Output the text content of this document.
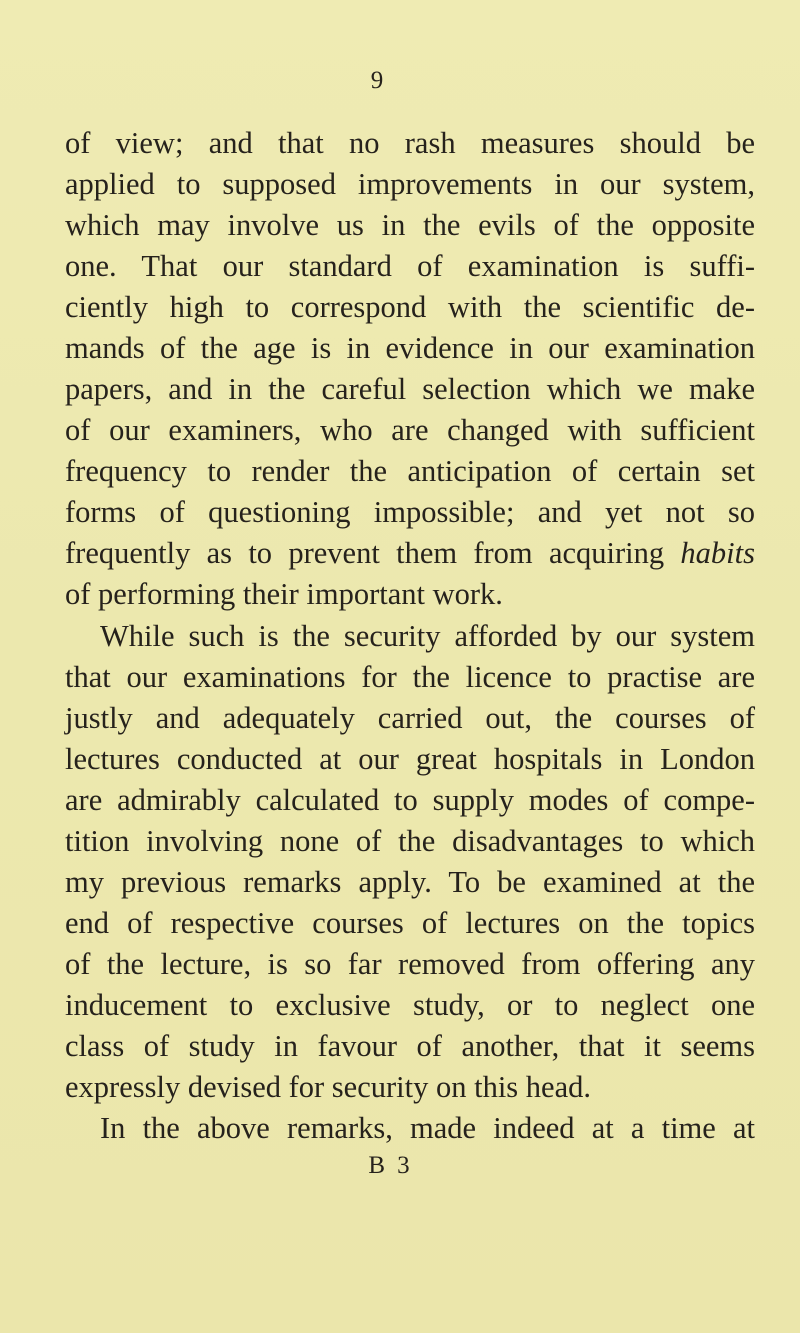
9
of view; and that no rash measures should be
applied to supposed improvements in our system,
which may involve us in the evils of the opposite
one. That our standard of examination is suffi-
ciently high to correspond with the scientific de-
mands of the age is in evidence in our examination
papers, and in the careful selection which we make
of our examiners, who are changed with sufficient
frequency to render the anticipation of certain set
forms of questioning impossible; and yet not so
frequently as to prevent them from acquiring habits
of performing their important work.
While such is the security afforded by our system
that our examinations for the licence to practise are
justly and adequately carried out, the courses of
lectures conducted at our great hospitals in London
are admirably calculated to supply modes of compe-
tition involving none of the disadvantages to which
my previous remarks apply. To be examined at the
end of respective courses of lectures on the topics
of the lecture, is so far removed from offering any
inducement to exclusive study, or to neglect one
class of study in favour of another, that it seems
expressly devised for security on this head.
In the above remarks, made indeed at a time at
B 3
